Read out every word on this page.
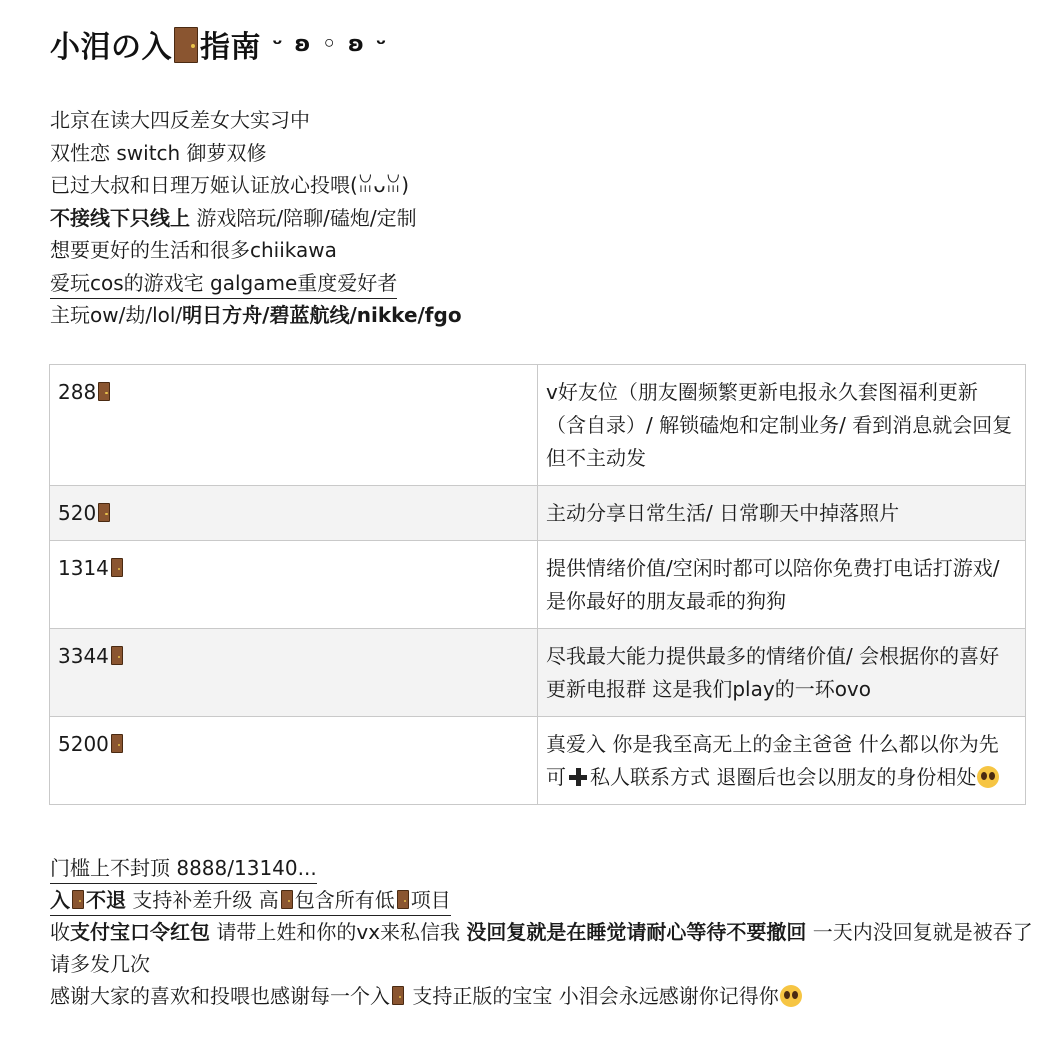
小泪の入 指南 $^{ᵕ ʚ ◦ ʚ ᵕ}$
北京在读大四反差女大实习中
双性恋 switch 御萝双修
已过大叔和日理万姬认证放心投喂(ꈍᴗꈍ)
不接线下只线上 游戏陪玩/陪聊/磕炮/定制
想要更好的生活和很多chiikawa
爱玩cos的游戏宅 galgame重度爱好者
主玩ow/劫/lol/明日方舟/碧蓝航线/nikke/fgo
288	v好友位（朋友圈频繁更新电报永久套图福利更新（含自录）/ 解锁磕炮和定制业务/ 看到消息就会回复但不主动发
520	主动分享日常生活/ 日常聊天中掉落照片
1314	提供情绪价值/空闲时都可以陪你免费打电话打游戏/ 是你最好的朋友最乖的狗狗
3344	尽我最大能力提供最多的情绪价值/ 会根据你的喜好更新电报群 这是我们play的一环ovo
5200	真爱入 你是我至高无上的金主爸爸 什么都以你为先 可 私人联系方式 退圈后也会以朋友的身份相处
门槛上不封顶 8888/13140...
入 不退 支持补差升级 高 包含所有低 项目
收支付宝口令红包 请带上姓和你的vx来私信我 没回复就是在睡觉请耐心等待不要撤回 一天内没回复就是被吞了请多发几次
感谢大家的喜欢和投喂也感谢每一个入 支持正版的宝宝 小泪会永远感谢你记得你
